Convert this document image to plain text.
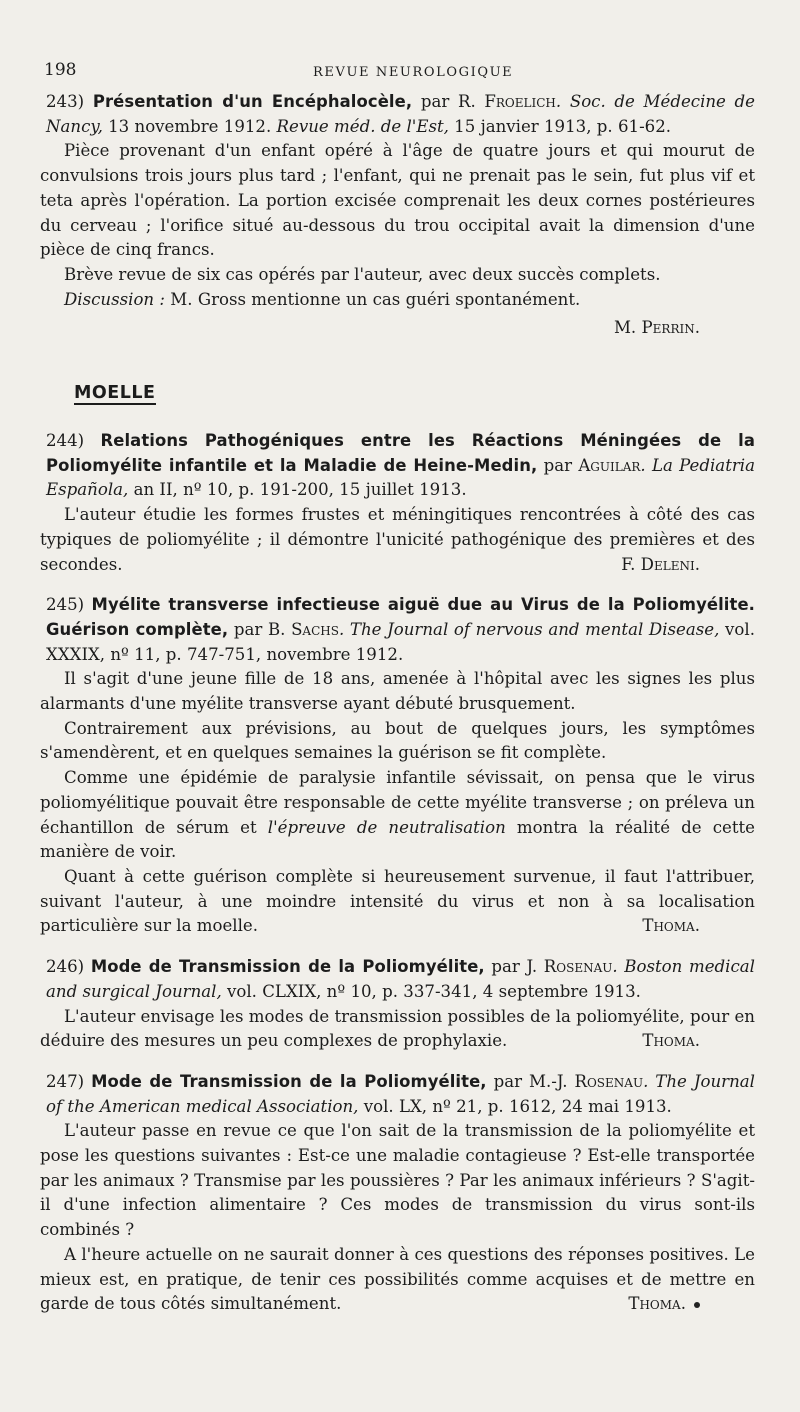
198	REVUE NEUROLOGIQUE
243) Présentation d'un Encéphalocèle, par R. Froelich. Soc. de Médecine de Nancy, 13 novembre 1912. Revue méd. de l'Est, 15 janvier 1913, p. 61-62.

Pièce provenant d'un enfant opéré à l'âge de quatre jours et qui mourut de convulsions trois jours plus tard ; l'enfant, qui ne prenait pas le sein, fut plus vif et teta après l'opération. La portion excisée comprenait les deux cornes postérieures du cerveau ; l'orifice situé au-dessous du trou occipital avait la dimension d'une pièce de cinq francs.

Brève revue de six cas opérés par l'auteur, avec deux succès complets.

Discussion : M. Gross mentionne un cas guéri spontanément.

M. Perrin.
MOELLE
244) Relations Pathogéniques entre les Réactions Méningées de la Poliomyélite infantile et la Maladie de Heine-Medin, par Aguilar. La Pediatria Española, an II, nº 10, p. 191-200, 15 juillet 1913.

L'auteur étudie les formes frustes et méningitiques rencontrées à côté des cas typiques de poliomyélite ; il démontre l'unicité pathogénique des premières et des secondes.	F. Deleni.

245) Myélite transverse infectieuse aiguë due au Virus de la Poliomyélite. Guérison complète, par B. Sachs. The Journal of nervous and mental Disease, vol. XXXIX, nº 11, p. 747-751, novembre 1912.

Il s'agit d'une jeune fille de 18 ans, amenée à l'hôpital avec les signes les plus alarmants d'une myélite transverse ayant débuté brusquement.

Contrairement aux prévisions, au bout de quelques jours, les symptômes s'amendèrent, et en quelques semaines la guérison se fit complète.

Comme une épidémie de paralysie infantile sévissait, on pensa que le virus poliomyélitique pouvait être responsable de cette myélite transverse ; on préleva un échantillon de sérum et l'épreuve de neutralisation montra la réalité de cette manière de voir.

Quant à cette guérison complète si heureusement survenue, il faut l'attribuer, suivant l'auteur, à une moindre intensité du virus et non à sa localisation particulière sur la moelle.	Thoma.

246) Mode de Transmission de la Poliomyélite, par J. Rosenau. Boston medical and surgical Journal, vol. CLXIX, nº 10, p. 337-341, 4 septembre 1913.

L'auteur envisage les modes de transmission possibles de la poliomyélite, pour en déduire des mesures un peu complexes de prophylaxie.	Thoma.

247) Mode de Transmission de la Poliomyélite, par M.-J. Rosenau. The Journal of the American medical Association, vol. LX, nº 21, p. 1612, 24 mai 1913.

L'auteur passe en revue ce que l'on sait de la transmission de la poliomyélite et pose les questions suivantes : Est-ce une maladie contagieuse ? Est-elle transportée par les animaux ? Transmise par les poussières ? Par les animaux inférieurs ? S'agit-il d'une infection alimentaire ? Ces modes de transmission du virus sont-ils combinés ?

A l'heure actuelle on ne saurait donner à ces questions des réponses positives. Le mieux est, en pratique, de tenir ces possibilités comme acquises et de mettre en garde de tous côtés simultanément.	Thoma.
